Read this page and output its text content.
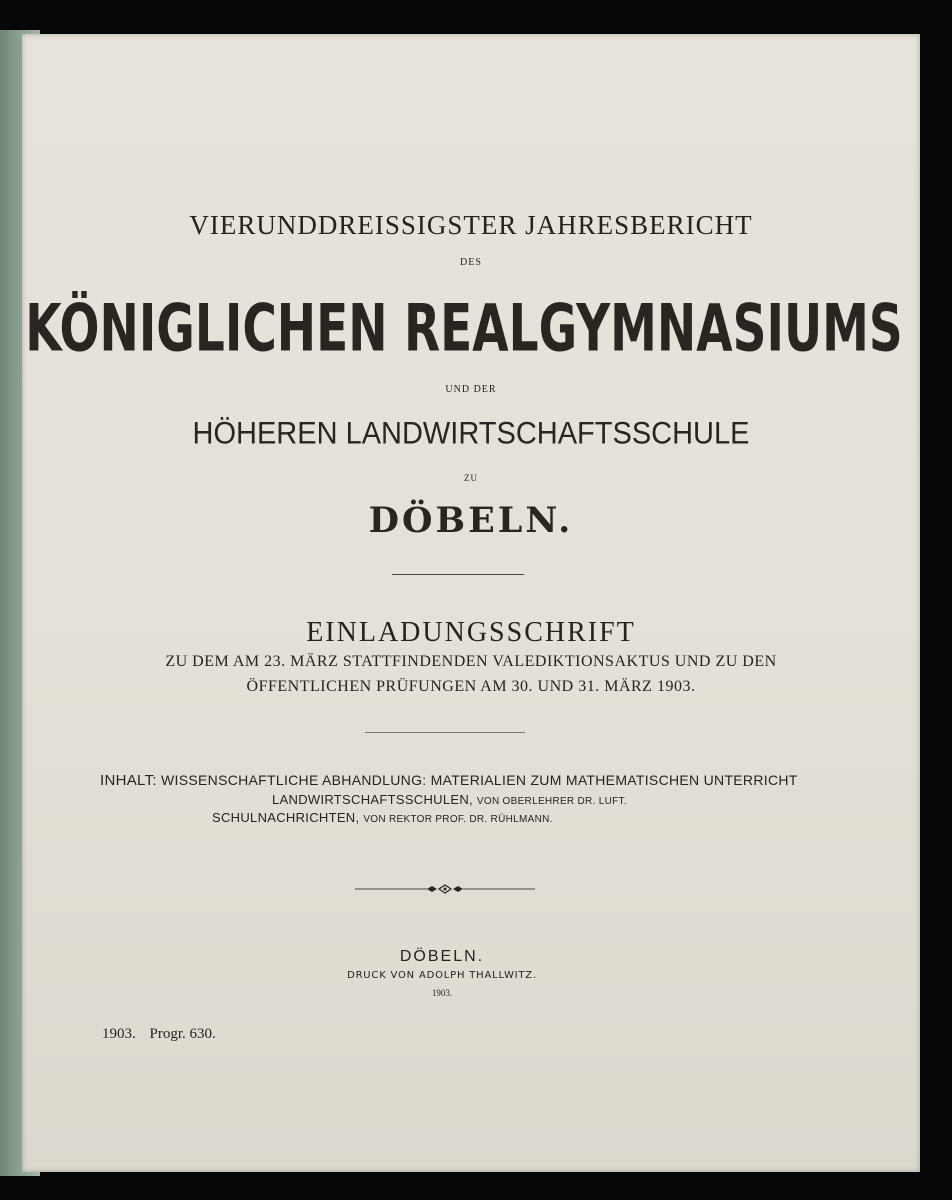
VIERUNDDREISSIGSTER JAHRESBERICHT
DES
KÖNIGLICHEN REALGYMNASIUMS
UND DER
HÖHEREN LANDWIRTSCHAFTSSCHULE
ZU
DÖBELN.
EINLADUNGSSCHRIFT
ZU DEM AM 23. MÄRZ STATTFINDENDEN VALEDIKTIONSAKTUS UND ZU DEN
ÖFFENTLICHEN PRÜFUNGEN AM 30. UND 31. MÄRZ 1903.
INHALT: WISSENSCHAFTLICHE ABHANDLUNG: MATERIALIEN ZUM MATHEMATISCHEN UNTERRICHT
LANDWIRTSCHAFTSSCHULEN, VON OBERLEHRER DR. LUFT.
SCHULNACHRICHTEN, VON REKTOR PROF. DR. RÜHLMANN.
DÖBELN.
DRUCK VON ADOLPH THALLWITZ.
1903.
1903. Progr. 630.
